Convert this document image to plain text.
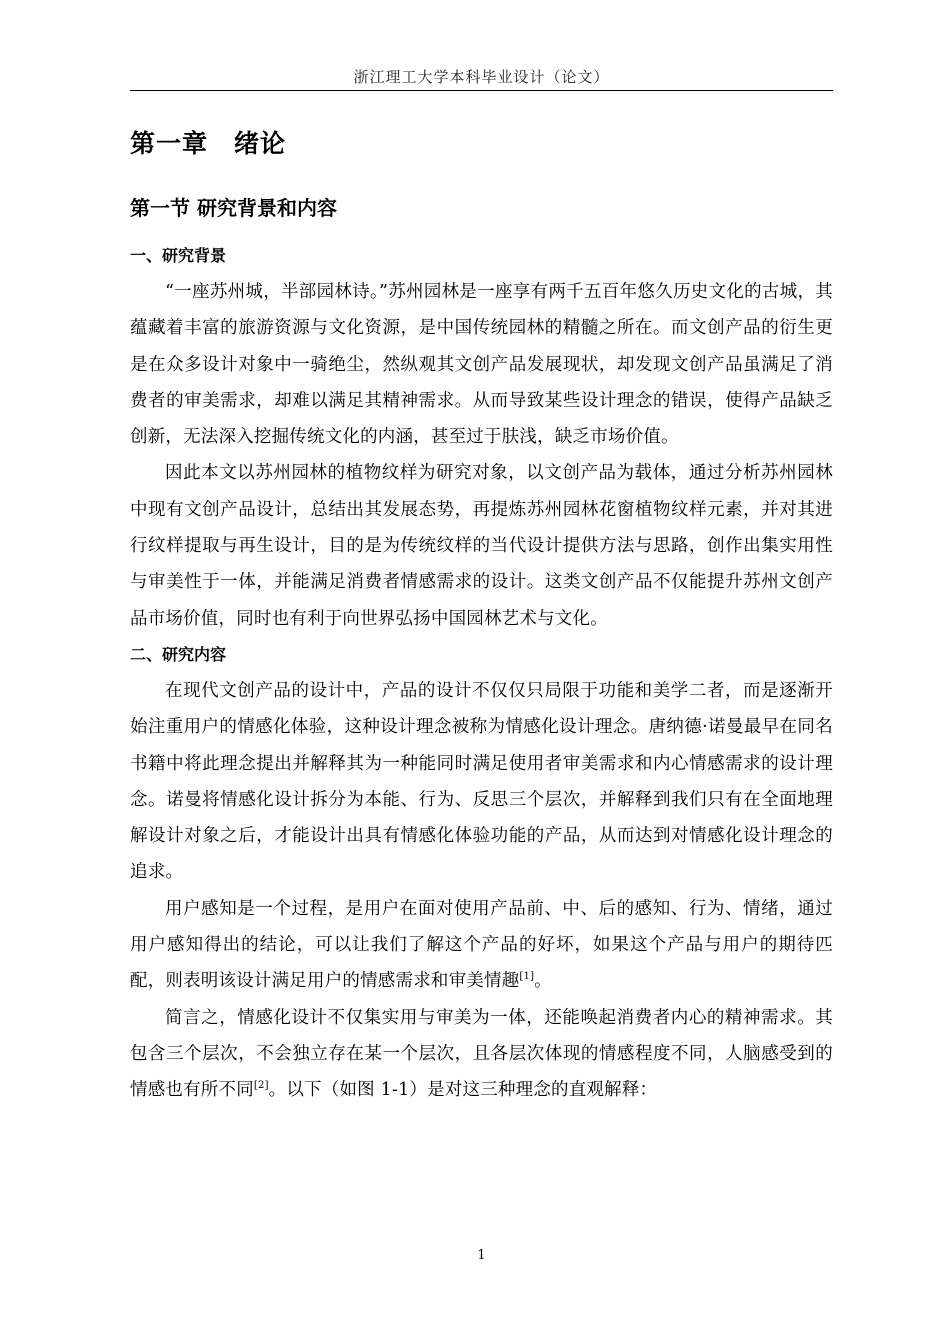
浙江理工大学本科毕业设计（论文）
第一章 绪论
第一节 研究背景和内容
一、研究背景

“一座苏州城，半部园林诗。”苏州园林是一座享有两千五百年悠久历史文化的古城，其蕴藏着丰富的旅游资源与文化资源，是中国传统园林的精髓之所在。而文创产品的衍生更是在众多设计对象中一骑绝尘，然纵观其文创产品发展现状，却发现文创产品虽满足了消费者的审美需求，却难以满足其精神需求。从而导致某些设计理念的错误，使得产品缺乏创新，无法深入挖掘传统文化的内涵，甚至过于肤浅，缺乏市场价值。

因此本文以苏州园林的植物纹样为研究对象，以文创产品为载体，通过分析苏州园林中现有文创产品设计，总结出其发展态势，再提炼苏州园林花窗植物纹样元素，并对其进行纹样提取与再生设计，目的是为传统纹样的当代设计提供方法与思路，创作出集实用性与审美性于一体，并能满足消费者情感需求的设计。这类文创产品不仅能提升苏州文创产品市场价值，同时也有利于向世界弘扬中国园林艺术与文化。

二、研究内容

在现代文创产品的设计中，产品的设计不仅仅只局限于功能和美学二者，而是逐渐开始注重用户的情感化体验，这种设计理念被称为情感化设计理念。唐纳德·诺曼最早在同名书籍中将此理念提出并解释其为一种能同时满足使用者审美需求和内心情感需求的设计理念。诺曼将情感化设计拆分为本能、行为、反思三个层次，并解释到我们只有在全面地理解设计对象之后，才能设计出具有情感化体验功能的产品，从而达到对情感化设计理念的追求。

用户感知是一个过程，是用户在面对使用产品前、中、后的感知、行为、情绪，通过用户感知得出的结论，可以让我们了解这个产品的好坏，如果这个产品与用户的期待匹配，则表明该设计满足用户的情感需求和审美情趣[1]。

简言之，情感化设计不仅集实用与审美为一体，还能唤起消费者内心的精神需求。其包含三个层次，不会独立存在某一个层次，且各层次体现的情感程度不同，人脑感受到的情感也有所不同[2]。以下（如图 1-1）是对这三种理念的直观解释：

1
